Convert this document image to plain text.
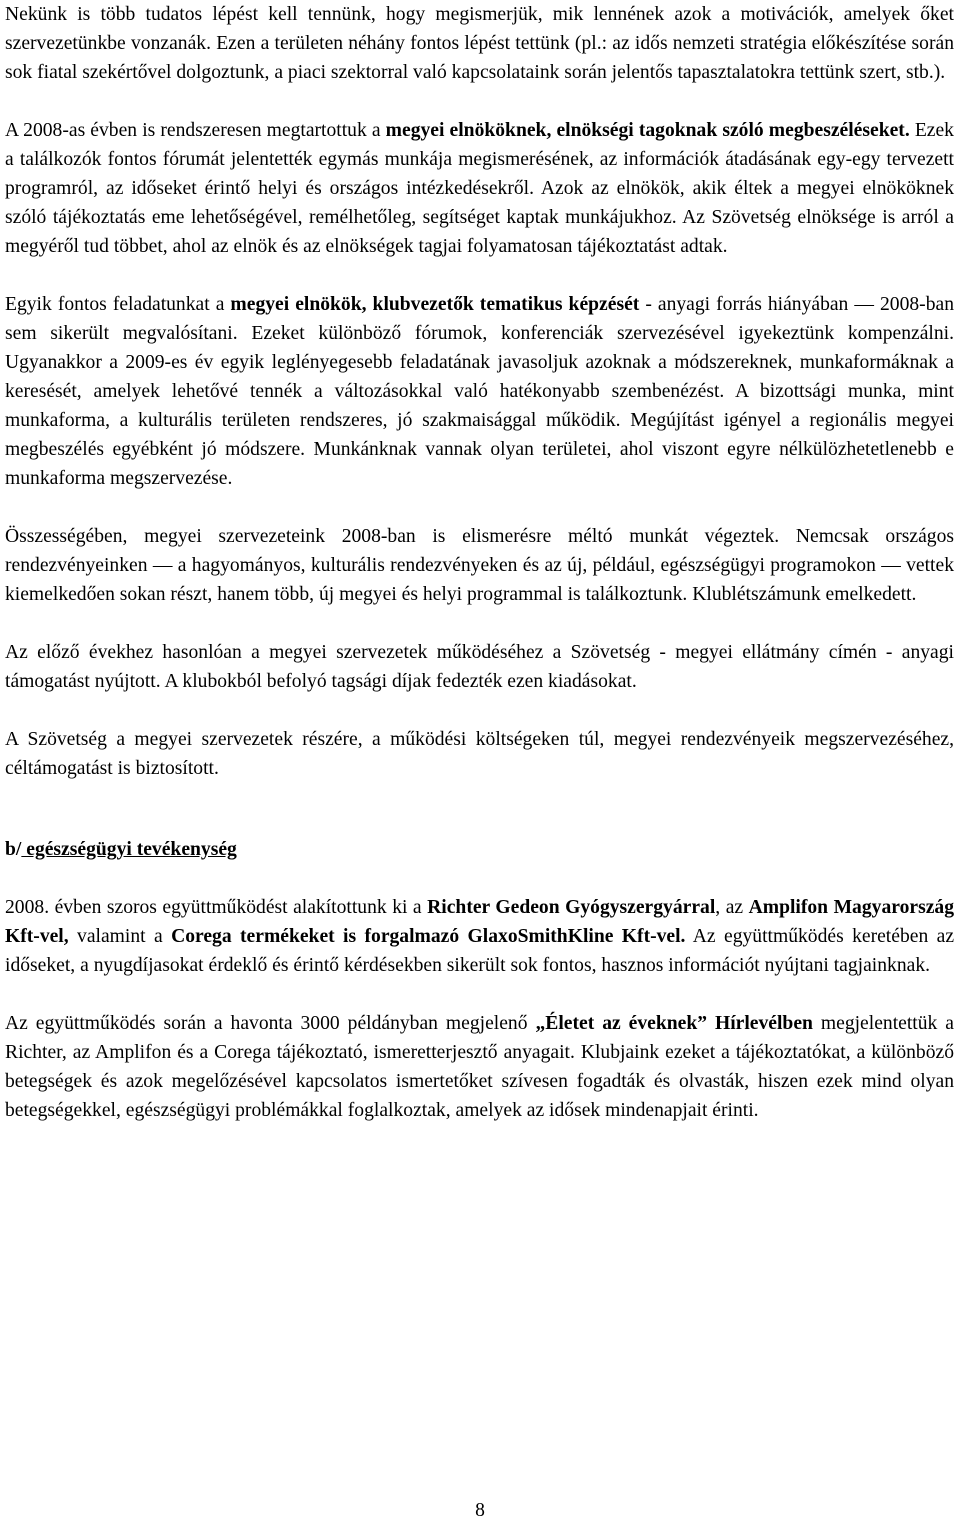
Nekünk is több tudatos lépést kell tennünk, hogy megismerjük, mik lennének azok a motivációk, amelyek őket szervezetünkbe vonzanák. Ezen a területen néhány fontos lépést tettünk (pl.: az idős nemzeti stratégia előkészítése során sok fiatal szekértővel dolgoztunk, a piaci szektorral való kapcsolataink során jelentős tapasztalatokra tettünk szert, stb.).

A 2008-as évben is rendszeresen megtartottuk a megyei elnököknek, elnökségi tagoknak szóló megbeszéléseket. Ezek a találkozók fontos fórumát jelentették egymás munkája megismerésének, az információk átadásának egy-egy tervezett programról, az időseket érintő helyi és országos intézkedésekről. Azok az elnökök, akik éltek a megyei elnököknek szóló tájékoztatás eme lehetőségével, remélhetőleg, segítséget kaptak munkájukhoz. Az Szövetség elnöksége is arról a megyéről tud többet, ahol az elnök és az elnökségek tagjai folyamatosan tájékoztatást adtak.

Egyik fontos feladatunkat a megyei elnökök, klubvezetők tematikus képzését - anyagi forrás hiányában — 2008-ban sem sikerült megvalósítani. Ezeket különböző fórumok, konferenciák szervezésével igyekeztünk kompenzálni. Ugyanakkor a 2009-es év egyik leglényegesebb feladatának javasoljuk azoknak a módszereknek, munkaformáknak a keresését, amelyek lehetővé tennék a változásokkal való hatékonyabb szembenézést. A bizottsági munka, mint munkaforma, a kulturális területen rendszeres, jó szakmaisággal működik. Megújítást igényel a regionális megyei megbeszélés egyébként jó módszere. Munkánknak vannak olyan területei, ahol viszont egyre nélkülözhetetlenebb e munkaforma megszervezése.

Összességében, megyei szervezeteink 2008-ban is elismerésre méltó munkát végeztek. Nemcsak országos rendezvényeinken — a hagyományos, kulturális rendezvényeken és az új, például, egészségügyi programokon — vettek kiemelkedően sokan részt, hanem több, új megyei és helyi programmal is találkoztunk. Klublétszámunk emelkedett.

Az előző évekhez hasonlóan a megyei szervezetek működéséhez a Szövetség - megyei ellátmány címén - anyagi támogatást nyújtott. A klubokból befolyó tagsági díjak fedezték ezen kiadásokat.

A Szövetség a megyei szervezetek részére, a működési költségeken túl, megyei rendezvényeik megszervezéséhez, céltámogatást is biztosított.

b/ egészségügyi tevékenység

2008. évben szoros együttműködést alakítottunk ki a Richter Gedeon Gyógyszergyárral, az Amplifon Magyarország Kft-vel, valamint a Corega termékeket is forgalmazó GlaxoSmithKline Kft-vel. Az együttműködés keretében az időseket, a nyugdíjasokat érdeklő és érintő kérdésekben sikerült sok fontos, hasznos információt nyújtani tagjainknak.

Az együttműködés során a havonta 3000 példányban megjelenő „Életet az éveknek” Hírlevélben megjelentettük a Richter, az Amplifon és a Corega tájékoztató, ismeretterjesztő anyagait. Klubjaink ezeket a tájékoztatókat, a különböző betegségek és azok megelőzésével kapcsolatos ismertetőket szívesen fogadták és olvasták, hiszen ezek mind olyan betegségekkel, egészségügyi problémákkal foglalkoztak, amelyek az idősek mindenapjait érinti.

8
